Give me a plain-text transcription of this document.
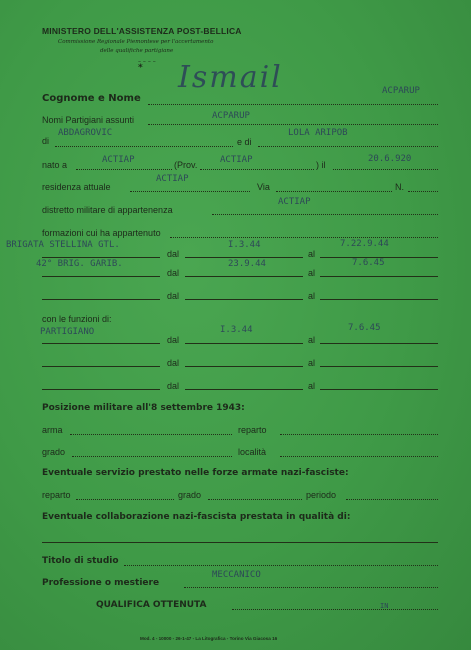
MINISTERO DELL'ASSISTENZA POST-BELLICA
Commissione Regionale Piemontese per l'accertamento
delle qualifiche partigiane
– – – –
* Ismail
Cognome e Nome
ACPARUP
Nomi Partigiani assunti	ACPARUP
di
ABDAGROVIC
e di
LOLA ARIPOB
nato a	ACTIAP	(Prov.	ACTIAP	) il
20.6.920
residenza attuale
ACTIAP
Via	N.
distretto militare di appartenenza
ACTIAP
formazioni cui ha appartenuto
BRIGATA STELLINA GTL.
dal
I.3.44
al
7.22.9.44
42° BRIG. GARIB.
dal
23.9.44
al
7.6.45
dal	al
con le funzioni di:
PARTIGIANO
dal
I.3.44
al
7.6.45
dal	al
dal	al
Posizione militare all'8 settembre 1943:
arma	reparto
grado	località
Eventuale servizio prestato nelle forze armate nazi-fasciste:
reparto	grado	periodo
Eventuale collaborazione nazi-fascista prestata in qualità di:
Titolo di studio
Professione o mestiere
MECCANICO
QUALIFICA OTTENUTA	IN
Mod. 4 - 10000 - 26-1-47 - La Litografica - Torino Via Giacosa 16
